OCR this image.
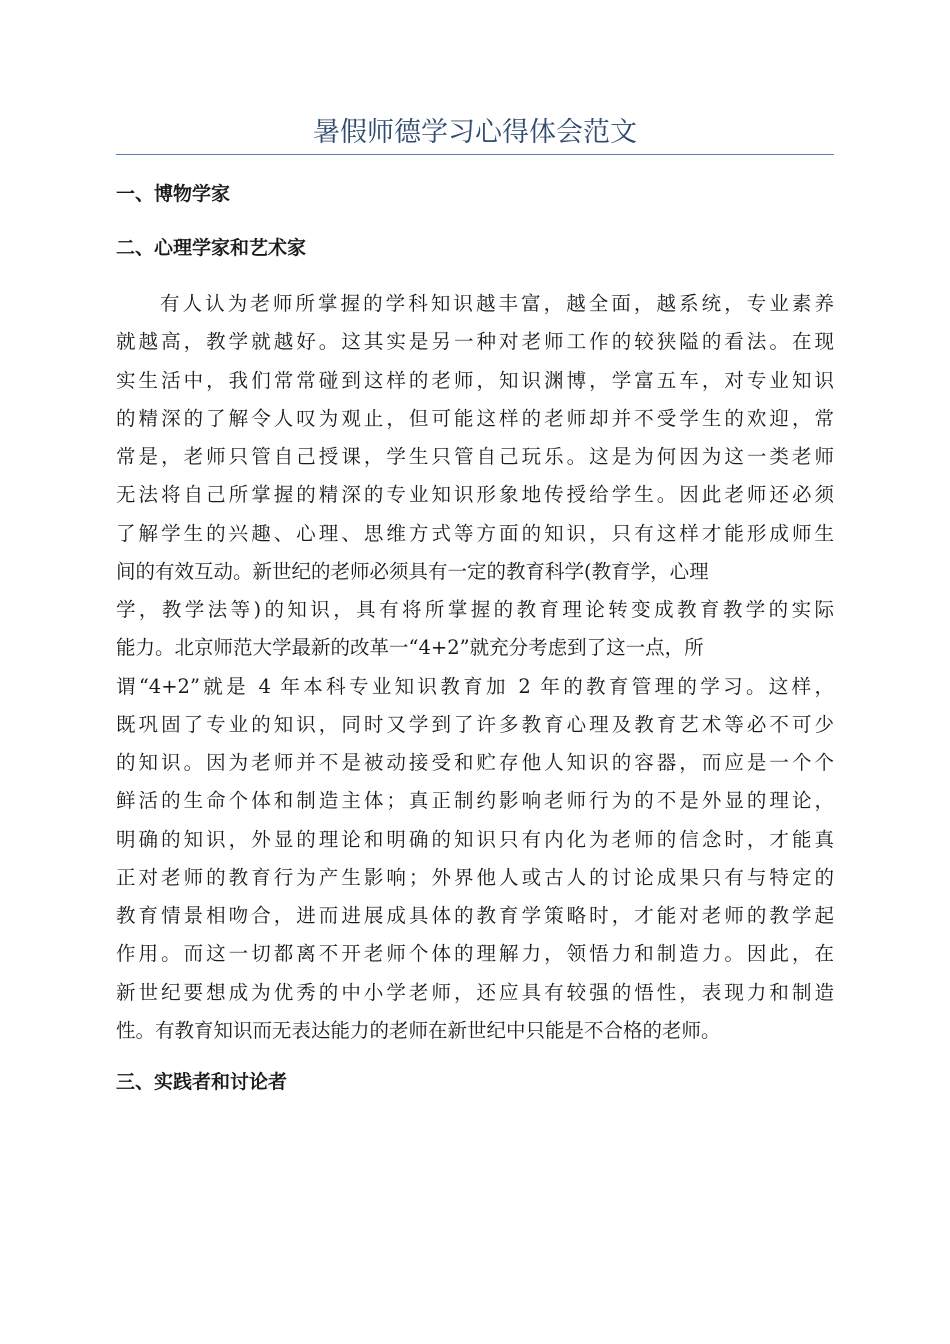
暑假师德学习心得体会范文
一、博物学家
二、心理学家和艺术家
有人认为老师所掌握的学科知识越丰富，越全面，越系统，专业素养
就越高，教学就越好。这其实是另一种对老师工作的较狭隘的看法。在现
实生活中，我们常常碰到这样的老师，知识渊博，学富五车，对专业知识
的精深的了解令人叹为观止，但可能这样的老师却并不受学生的欢迎，常
常是，老师只管自己授课，学生只管自己玩乐。这是为何因为这一类老师
无法将自己所掌握的精深的专业知识形象地传授给学生。因此老师还必须
了解学生的兴趣、心理、思维方式等方面的知识，只有这样才能形成师生
间的有效互动。新世纪的老师必须具有一定的教育科学(教育学，心理
学，教学法等)的知识，具有将所掌握的教育理论转变成教育教学的实际
能力。北京师范大学最新的改革一“4+2”就充分考虑到了这一点，所
谓“4+2”就是 4 年本科专业知识教育加 2 年的教育管理的学习。这样，
既巩固了专业的知识，同时又学到了许多教育心理及教育艺术等必不可少
的知识。因为老师并不是被动接受和贮存他人知识的容器，而应是一个个
鲜活的生命个体和制造主体；真正制约影响老师行为的不是外显的理论，
明确的知识，外显的理论和明确的知识只有内化为老师的信念时，才能真
正对老师的教育行为产生影响；外界他人或古人的讨论成果只有与特定的
教育情景相吻合，进而进展成具体的教育学策略时，才能对老师的教学起
作用。而这一切都离不开老师个体的理解力，领悟力和制造力。因此，在
新世纪要想成为优秀的中小学老师，还应具有较强的悟性，表现力和制造
性。有教育知识而无表达能力的老师在新世纪中只能是不合格的老师。
三、实践者和讨论者
